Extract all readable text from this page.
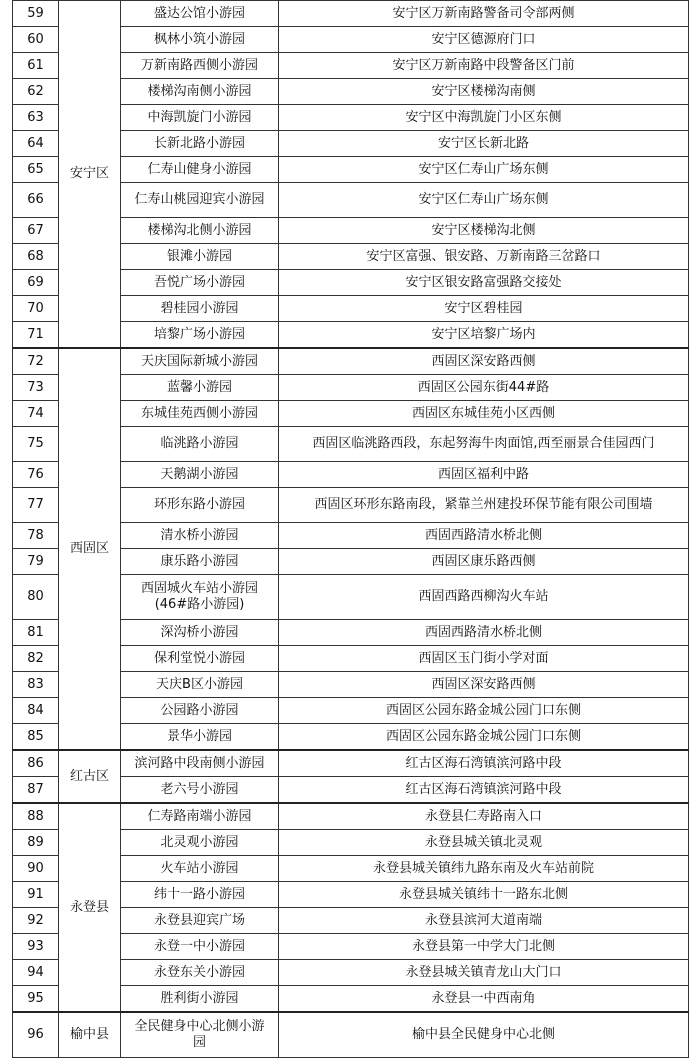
59	安宁区	盛达公馆小游园	安宁区万新南路警备司令部两侧
60		枫林小筑小游园	安宁区德源府门口
61		万新南路西侧小游园	安宁区万新南路中段警备区门前
62		楼梯沟南侧小游园	安宁区楼梯沟南侧
63		中海凯旋门小游园	安宁区中海凯旋门小区东侧
64		长新北路小游园	安宁区长新北路
65		仁寿山健身小游园	安宁区仁寿山广场东侧
66		仁寿山桃园迎宾小游园	安宁区仁寿山广场东侧
67		楼梯沟北侧小游园	安宁区楼梯沟北侧
68		银滩小游园	安宁区富强、银安路、万新南路三岔路口
69		吾悦广场小游园	安宁区银安路富强路交接处
70		碧桂园小游园	安宁区碧桂园
71		培黎广场小游园	安宁区培黎广场内
72	西固区	天庆国际新城小游园	西固区深安路西侧
73		蓝馨小游园	西固区公园东街44#路
74		东城佳苑西侧小游园	西固区东城佳苑小区西侧
75		临洮路小游园	西固区临洮路西段，东起努海牛肉面馆,西至丽景合佳园西门
76		天鹅湖小游园	西固区福利中路
77		环形东路小游园	西固区环形东路南段，紧靠兰州建投环保节能有限公司围墙
78		清水桥小游园	西固西路清水桥北侧
79		康乐路小游园	西固区康乐路西侧
80		西固城火车站小游园
(46#路小游园)	西固西路西柳沟火车站
81		深沟桥小游园	西固西路清水桥北侧
82		保利堂悦小游园	西固区玉门街小学对面
83		天庆B区小游园	西固区深安路西侧
84		公园路小游园	西固区公园东路金城公园门口东侧
85		景华小游园	西固区公园东路金城公园门口东侧
86	红古区	滨河路中段南侧小游园	红古区海石湾镇滨河路中段
87		老六号小游园	红古区海石湾镇滨河路中段
88	永登县	仁寿路南端小游园	永登县仁寿路南入口
89		北灵观小游园	永登县城关镇北灵观
90		火车站小游园	永登县城关镇纬九路东南及火车站前院
91		纬十一路小游园	永登县城关镇纬十一路东北侧
92		永登县迎宾广场	永登县滨河大道南端
93		永登一中小游园	永登县第一中学大门北侧
94		永登东关小游园	永登县城关镇青龙山大门口
95		胜利街小游园	永登县一中西南角
96	榆中县	全民健身中心北侧小游
园	榆中县全民健身中心北侧
